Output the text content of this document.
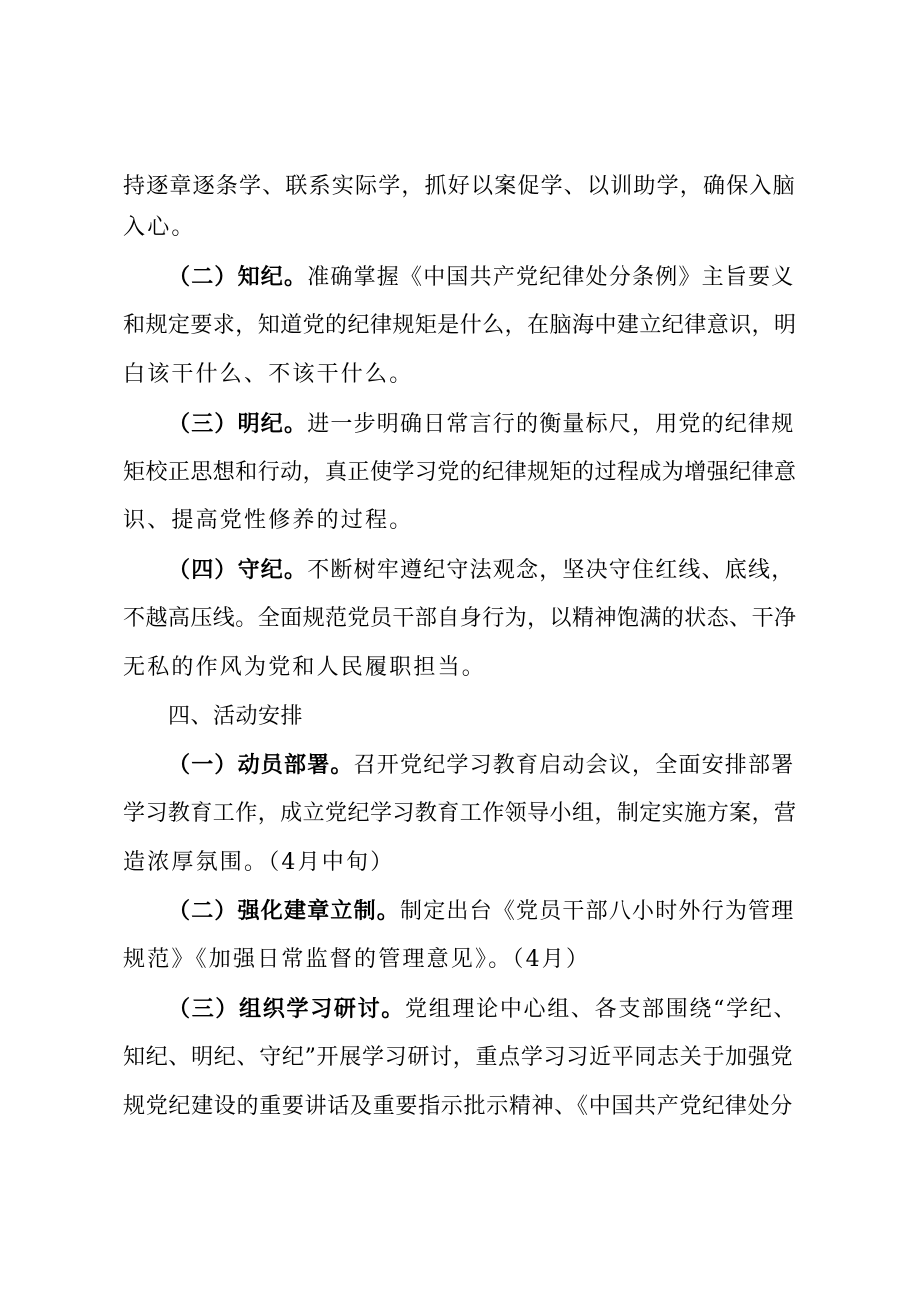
持逐章逐条学、联系实际学，抓好以案促学、以训助学，确保入脑
入心。
（二）知纪。准确掌握《中国共产党纪律处分条例》主旨要义
和规定要求，知道党的纪律规矩是什么，在脑海中建立纪律意识，明
白该干什么、不该干什么。
（三）明纪。进一步明确日常言行的衡量标尺，用党的纪律规
矩校正思想和行动，真正使学习党的纪律规矩的过程成为增强纪律意
识、提高党性修养的过程。
（四）守纪。不断树牢遵纪守法观念，坚决守住红线、底线，
不越高压线。全面规范党员干部自身行为，以精神饱满的状态、干净
无私的作风为党和人民履职担当。
四、活动安排
（一）动员部署。召开党纪学习教育启动会议，全面安排部署
学习教育工作，成立党纪学习教育工作领导小组，制定实施方案，营
造浓厚氛围。（4月中旬）
（二）强化建章立制。制定出台《党员干部八小时外行为管理
规范》《加强日常监督的管理意见》。（4月）
（三）组织学习研讨。党组理论中心组、各支部围绕“学纪、
知纪、明纪、守纪”开展学习研讨，重点学习习近平同志关于加强党
规党纪建设的重要讲话及重要指示批示精神、《中国共产党纪律处分
